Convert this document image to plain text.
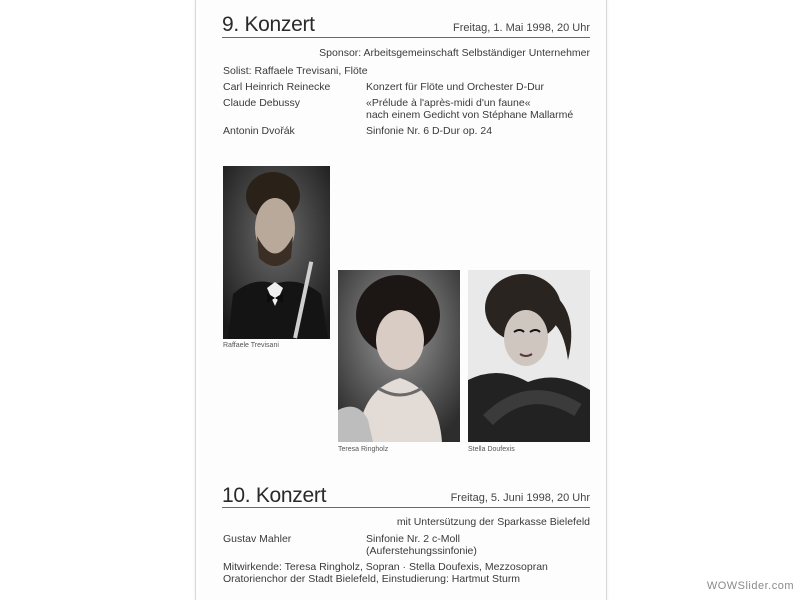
9. Konzert	Freitag, 1. Mai 1998, 20 Uhr
Sponsor: Arbeitsgemeinschaft Selbständiger Unternehmer
Solist: Raffaele Trevisani, Flöte
Carl Heinrich Reinecke	Konzert für Flöte und Orchester D-Dur
Claude Debussy	«Prélude à l'après-midi d'un faune«
nach einem Gedicht von Stéphane Mallarmé
Antonin Dvořák	Sinfonie Nr. 6 D-Dur op. 24
Raffaele Trevisani
Teresa Ringholz	Stella Doufexis
10. Konzert	Freitag, 5. Juni 1998, 20 Uhr
mit Untersützung der Sparkasse Bielefeld
Gustav Mahler	Sinfonie Nr. 2 c-Moll
(Auferstehungssinfonie)
Mitwirkende: Teresa Ringholz, Sopran · Stella Doufexis, Mezzosopran
Oratorienchor der Stadt Bielefeld, Einstudierung: Hartmut Sturm
WOWSlider.com
